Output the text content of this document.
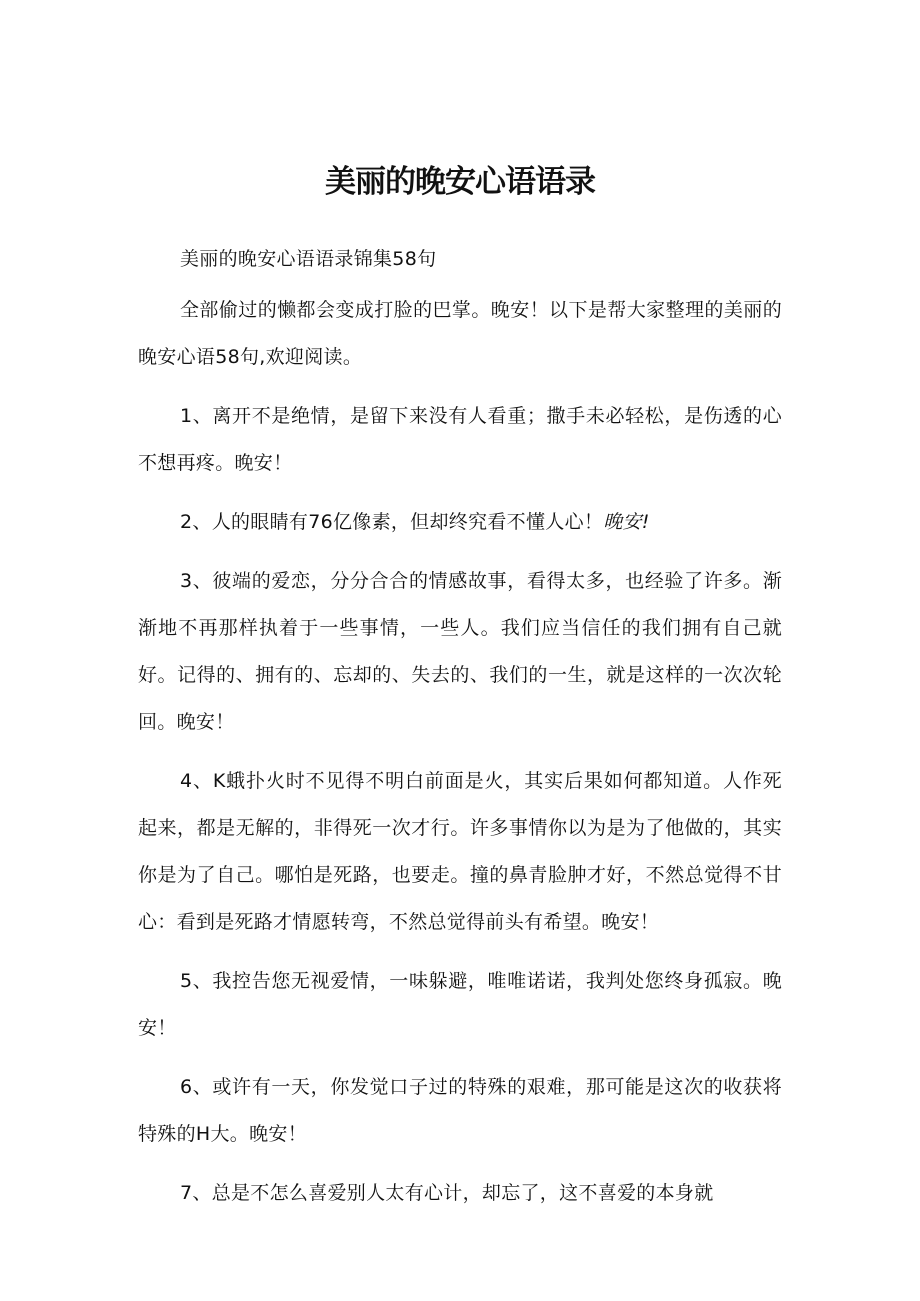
美丽的晚安心语语录

美丽的晚安心语语录锦集58句

全部偷过的懒都会变成打脸的巴掌。晚安！以下是帮大家整理的美丽的晚安心语58句,欢迎阅读。

1、离开不是绝情，是留下来没有人看重；撒手未必轻松，是伤透的心不想再疼。晚安！

2、人的眼睛有76亿像素，但却终究看不懂人心！晚安!

3、彼端的爱恋，分分合合的情感故事，看得太多，也经验了许多。渐渐地不再那样执着于一些事情，一些人。我们应当信任的我们拥有自己就好。记得的、拥有的、忘却的、失去的、我们的一生，就是这样的一次次轮回。晚安！

4、K蛾扑火时不见得不明白前面是火，其实后果如何都知道。人作死起来，都是无解的，非得死一次才行。许多事情你以为是为了他做的，其实你是为了自己。哪怕是死路，也要走。撞的鼻青脸肿才好，不然总觉得不甘心：看到是死路才情愿转弯，不然总觉得前头有希望。晚安！

5、我控告您无视爱情，一味躲避，唯唯诺诺，我判处您终身孤寂。晚安！

6、或许有一天，你发觉口子过的特殊的艰难，那可能是这次的收获将特殊的H大。晚安！

7、总是不怎么喜爱别人太有心计，却忘了，这不喜爱的本身就
